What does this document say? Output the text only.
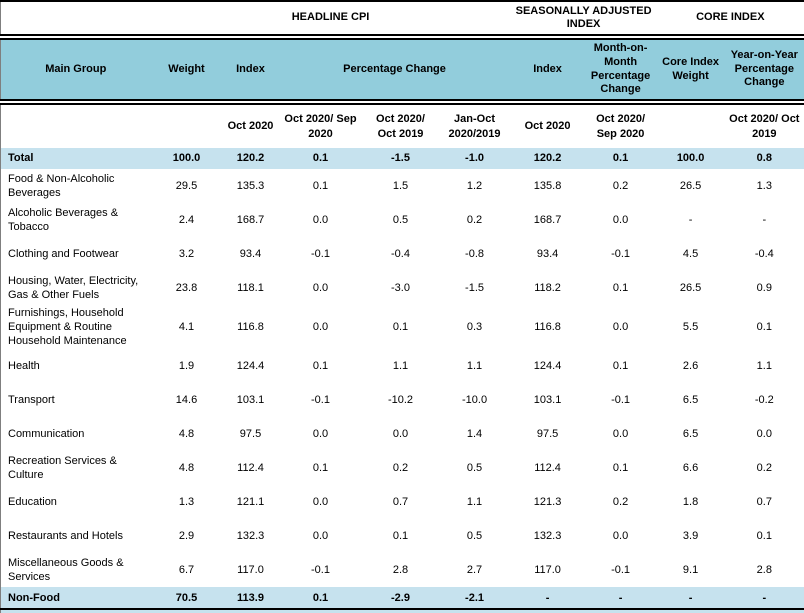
	HEADLINE CPI					SEASONALLY ADJUSTED INDEX		CORE INDEX	
Main Group	Weight	Index	Percentage Change			Index	Month-on-Month Percentage Change	Core Index Weight	Year-on-Year Percentage Change
		Oct 2020	Oct 2020/ Sep 2020	Oct 2020/ Oct 2019	Jan-Oct 2020/2019	Oct 2020	Oct 2020/ Sep 2020		Oct 2020/ Oct 2019
Total	100.0	120.2	0.1	-1.5	-1.0	120.2	0.1	100.0	0.8
Food & Non-Alcoholic Beverages	29.5	135.3	0.1	1.5	1.2	135.8	0.2	26.5	1.3
Alcoholic Beverages & Tobacco	2.4	168.7	0.0	0.5	0.2	168.7	0.0	-	-
Clothing and Footwear	3.2	93.4	-0.1	-0.4	-0.8	93.4	-0.1	4.5	-0.4
Housing, Water, Electricity, Gas & Other Fuels	23.8	118.1	0.0	-3.0	-1.5	118.2	0.1	26.5	0.9
Furnishings, Household Equipment & Routine Household Maintenance	4.1	116.8	0.0	0.1	0.3	116.8	0.0	5.5	0.1
Health	1.9	124.4	0.1	1.1	1.1	124.4	0.1	2.6	1.1
Transport	14.6	103.1	-0.1	-10.2	-10.0	103.1	-0.1	6.5	-0.2
Communication	4.8	97.5	0.0	0.0	1.4	97.5	0.0	6.5	0.0
Recreation Services & Culture	4.8	112.4	0.1	0.2	0.5	112.4	0.1	6.6	0.2
Education	1.3	121.1	0.0	0.7	1.1	121.3	0.2	1.8	0.7
Restaurants and Hotels	2.9	132.3	0.0	0.1	0.5	132.3	0.0	3.9	0.1
Miscellaneous Goods & Services	6.7	117.0	-0.1	2.8	2.7	117.0	-0.1	9.1	2.8
Non-Food	70.5	113.9	0.1	-2.9	-2.1	-	-	-	-
